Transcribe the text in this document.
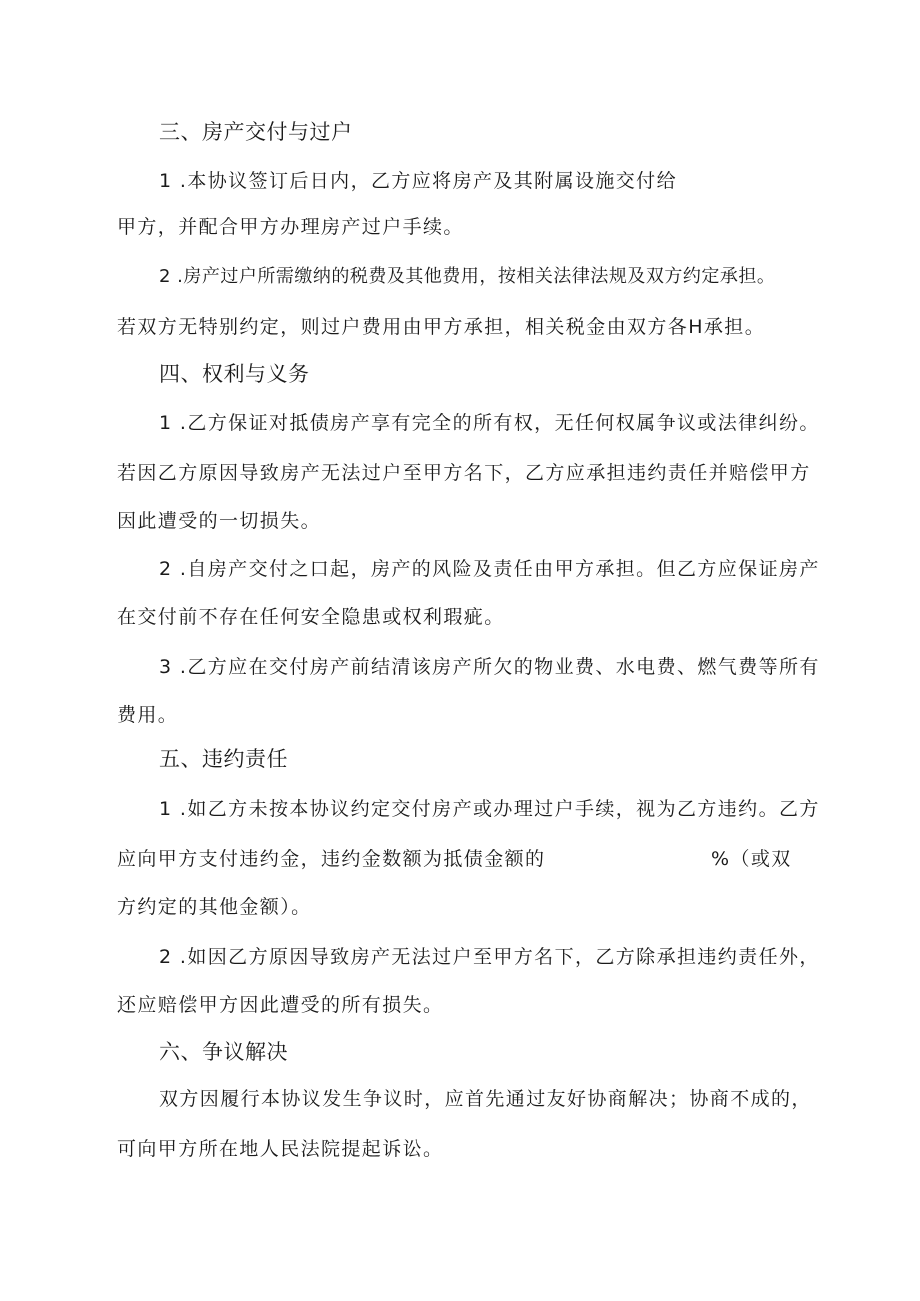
三、房产交付与过户
1 .本协议签订后日内，乙方应将房产及其附属设施交付给
甲方，并配合甲方办理房产过户手续。
2 .房产过户所需缴纳的税费及其他费用，按相关法律法规及双方约定承担。
若双方无特别约定，则过户费用由甲方承担，相关税金由双方各H承担。
四、权利与义务
1 .乙方保证对抵债房产享有完全的所有权，无任何权属争议或法律纠纷。
若因乙方原因导致房产无法过户至甲方名下，乙方应承担违约责任并赔偿甲方
因此遭受的一切损失。
2 .自房产交付之口起，房产的风险及责任由甲方承担。但乙方应保证房产
在交付前不存在任何安全隐患或权利瑕疵。
3 .乙方应在交付房产前结清该房产所欠的物业费、水电费、燃气费等所有
费用。
五、违约责任
1 .如乙方未按本协议约定交付房产或办理过户手续，视为乙方违约。乙方
应向甲方支付违约金，违约金数额为抵债金额的	%（或双
方约定的其他金额）。
2 .如因乙方原因导致房产无法过户至甲方名下，乙方除承担违约责任外，
还应赔偿甲方因此遭受的所有损失。
六、争议解决
双方因履行本协议发生争议时，应首先通过友好协商解决；协商不成的，
可向甲方所在地人民法院提起诉讼。
